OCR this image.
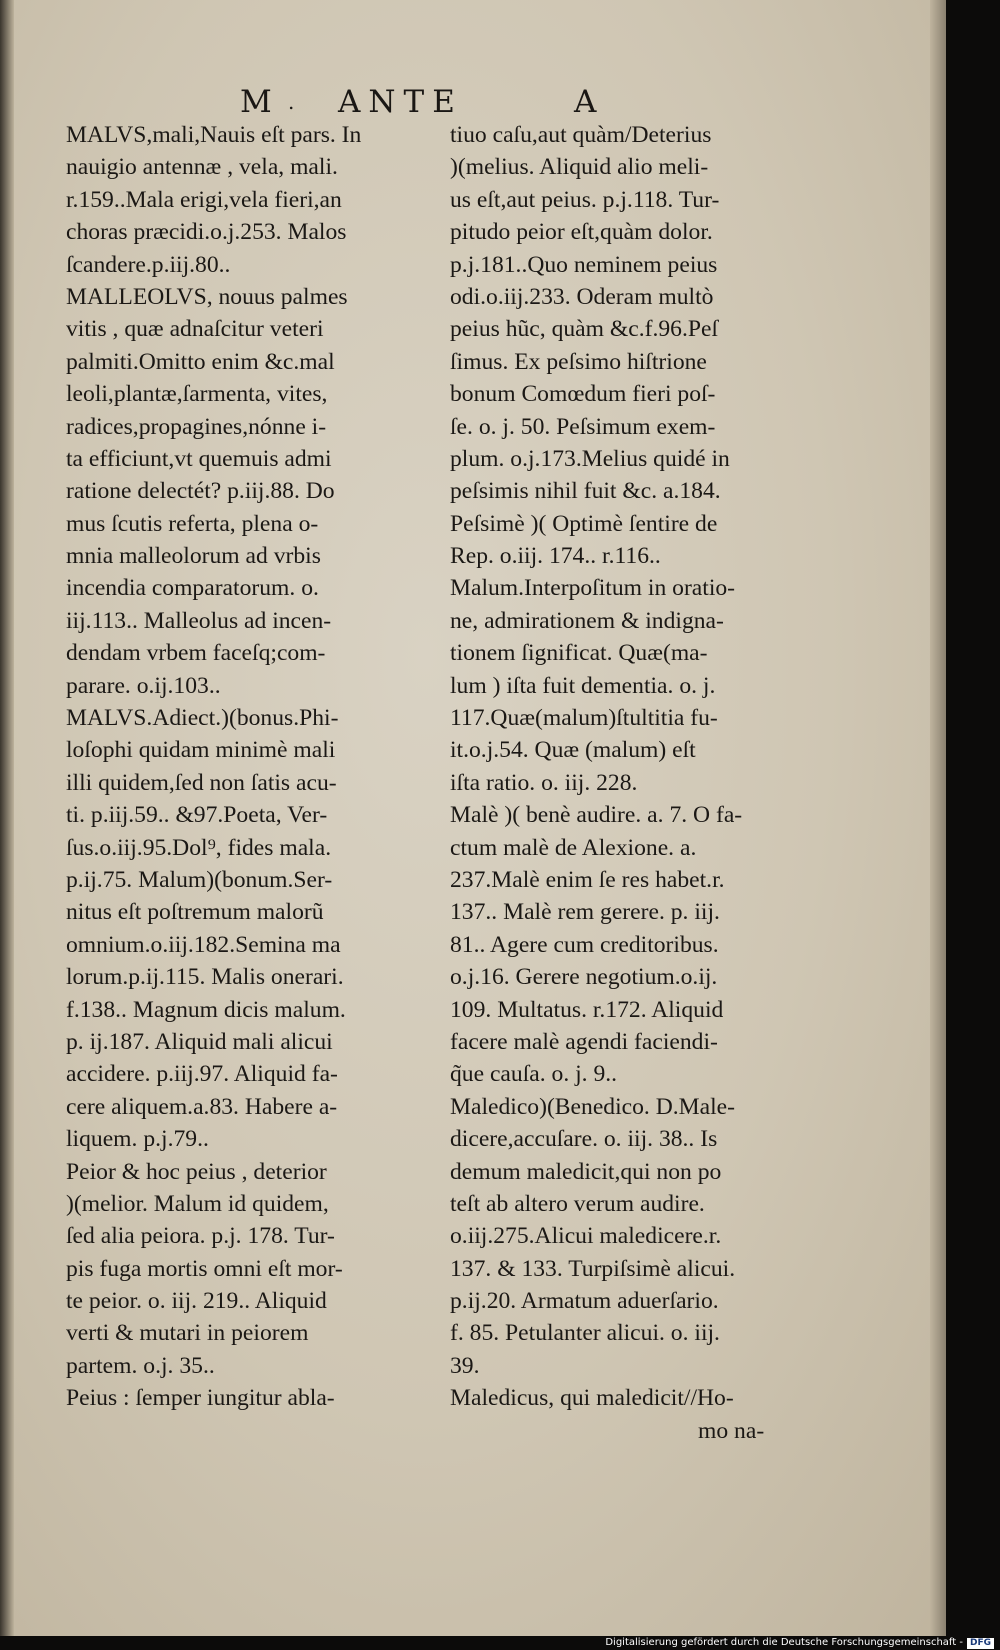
M . ANTE	A
MALVS,mali,Nauis eſt pars. In
nauigio antennæ , vela, mali.
r.159..Mala erigi,vela fieri,an
choras præcidi.o.j.253. Malos
ſcandere.p.iij.80..
MALLEOLVS, nouus palmes
vitis , quæ adnaſcitur veteri
palmiti.Omitto enim &c.mal
leoli,plantæ,ſarmenta, vites,
radices,propagines,nónne i-
ta efficiunt,vt quemuis admi
ratione delectét? p.iij.88. Do
mus ſcutis referta, plena o-
mnia malleolorum ad vrbis
incendia comparatorum. o.
iij.113.. Malleolus ad incen-
dendam vrbem faceſq;com-
parare. o.ij.103..
MALVS.Adiect.)(bonus.Phi-
loſophi quidam minimè mali
illi quidem,ſed non ſatis acu-
ti. p.iij.59.. &97.Poeta, Ver-
ſus.o.iij.95.Dol⁹, fides mala.
p.ij.75. Malum)(bonum.Ser-
nitus eſt poſtremum malorũ
omnium.o.iij.182.Semina ma
lorum.p.ij.115. Malis onerari.
f.138.. Magnum dicis malum.
p. ij.187. Aliquid mali alicui
accidere. p.iij.97. Aliquid fa-
cere aliquem.a.83. Habere a-
liquem. p.j.79..
Peior & hoc peius , deterior
)(melior. Malum id quidem,
ſed alia peiora. p.j. 178. Tur-
pis fuga mortis omni eſt mor-
te peior. o. iij. 219.. Aliquid
verti & mutari in peiorem
partem. o.j. 35..
Peius : ſemper iungitur abla-
tiuo caſu,aut quàm/Deterius
)(melius. Aliquid alio meli-
us eſt,aut peius. p.j.118. Tur-
pitudo peior eſt,quàm dolor.
p.j.181..Quo neminem peius
odi.o.iij.233. Oderam multò
peius hũc, quàm &c.f.96.Peſ
ſimus. Ex peſsimo hiſtrione
bonum Comœdum fieri poſ-
ſe. o. j. 50. Peſsimum exem-
plum. o.j.173.Melius quidé in
peſsimis nihil fuit &c. a.184.
Peſsimè )( Optimè ſentire de
Rep. o.iij. 174.. r.116..
Malum.Interpoſitum in oratio-
ne, admirationem & indigna-
tionem ſignificat. Quæ(ma-
lum ) iſta fuit dementia. o. j.
117.Quæ(malum)ſtultitia fu-
it.o.j.54. Quæ (malum) eſt
iſta ratio. o. iij. 228.
Malè )( benè audire. a. 7. O fa-
ctum malè de Alexione. a.
237.Malè enim ſe res habet.r.
137.. Malè rem gerere. p. iij.
81.. Agere cum creditoribus.
o.j.16. Gerere negotium.o.ij.
109. Multatus. r.172. Aliquid
facere malè agendi faciendi-
q̃ue cauſa. o. j. 9..
Maledico)(Benedico. D.Male-
dicere,accuſare. o. iij. 38.. Is
demum maledicit,qui non po
teſt ab altero verum audire.
o.iij.275.Alicui maledicere.r.
137. & 133. Turpiſsimè alicui.
p.ij.20. Armatum aduerſario.
f. 85. Petulanter alicui. o. iij.
39.
Maledicus, qui maledicit//Ho-
mo na-
Digitalisierung gefördert durch die Deutsche Forschungsgemeinschaft - DFG
